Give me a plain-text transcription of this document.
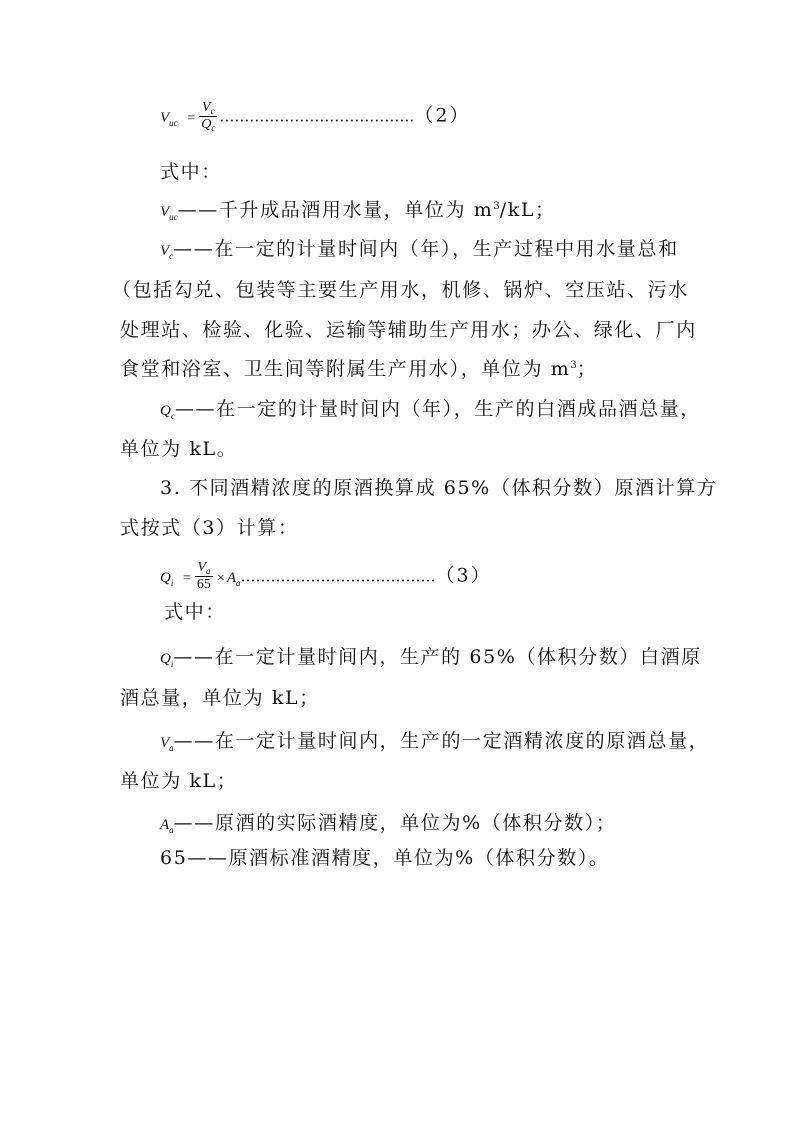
$V_{uc} = \frac{V_c}{Q_c}$ …………………………………（2）
式中：
$V_{uc}——$千升成品酒用水量，单位为 $m^3/kL$；
$V_c——$在一定的计量时间内（年），生产过程中用水量总和
（包括勾兑、包装等主要生产用水，机修、锅炉、空压站、污水
处理站、检验、化验、运输等辅助生产用水；办公、绿化、厂内
食堂和浴室、卫生间等附属生产用水），单位为 $m^3$；
$Q_c——$在一定的计量时间内（年），生产的白酒成品酒总量，
单位为 kL。
3. 不同酒精浓度的原酒换算成 65%（体积分数）原酒计算方
式按式（3）计算：
$Q_i = \frac{V_a}{65}$ × $A_a\dots\dots\dots\dots\dots\dots\dots\dots\dots\dots\dots\dots\dots(3)$
式中：
$Q_i——$在一定计量时间内，生产的 65%（体积分数）白酒原
酒总量，单位为 kL；
$V_a——$在一定计量时间内，生产的一定酒精浓度的原酒总量，
单位为 kL；
$A_a——$原酒的实际酒精度，单位为%（体积分数）；
65——原酒标准酒精度，单位为%（体积分数）。
